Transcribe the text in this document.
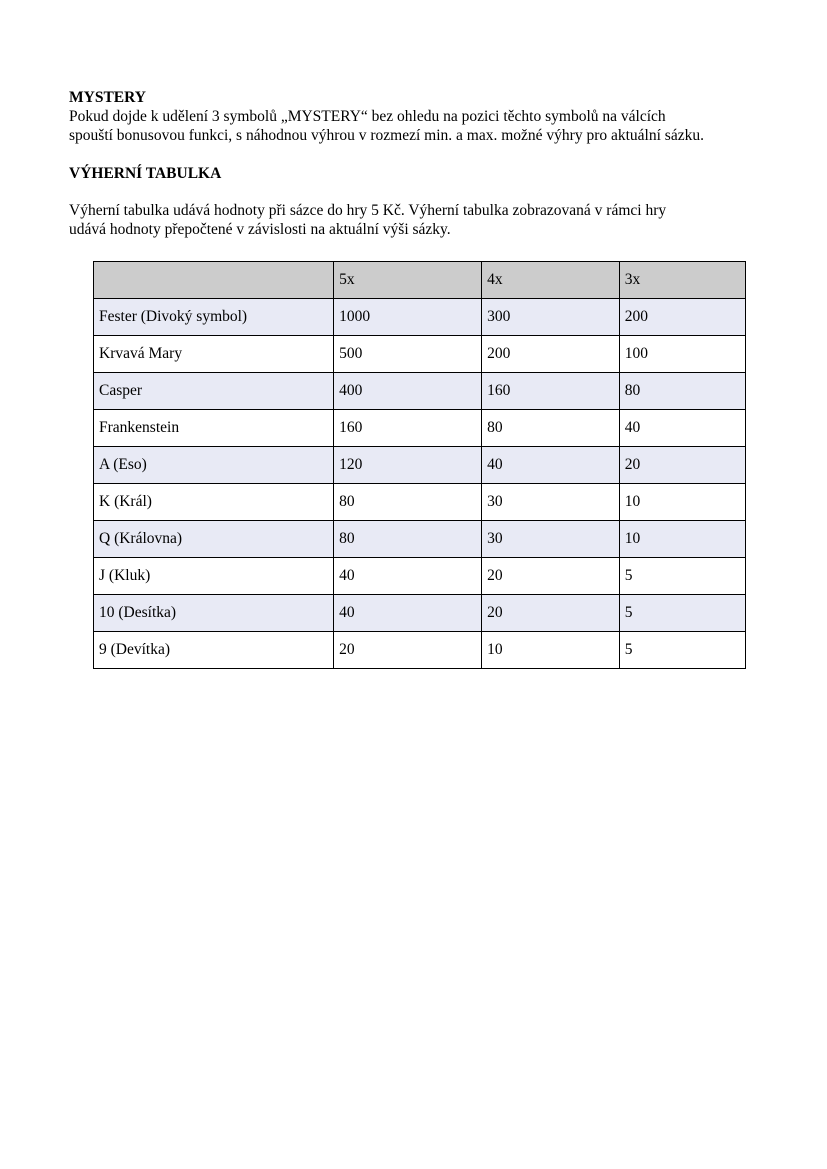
MYSTERY

Pokud dojde k udělení 3 symbolů „MYSTERY“ bez ohledu na pozici těchto symbolů na válcích

spouští bonusovou funkci, s náhodnou výhrou v rozmezí min. a max. možné výhry pro aktuální sázku.

VÝHERNÍ TABULKA

Výherní tabulka udává hodnoty při sázce do hry 5 Kč. Výherní tabulka zobrazovaná v rámci hry

udává hodnoty přepočtené v závislosti na aktuální výši sázky.

	5x	4x	3x
Fester (Divoký symbol)	1000	300	200
Krvavá Mary	500	200	100
Casper	400	160	80
Frankenstein	160	80	40
A (Eso)	120	40	20
K (Král)	80	30	10
Q (Královna)	80	30	10
J (Kluk)	40	20	5
10 (Desítka)	40	20	5
9 (Devítka)	20	10	5
